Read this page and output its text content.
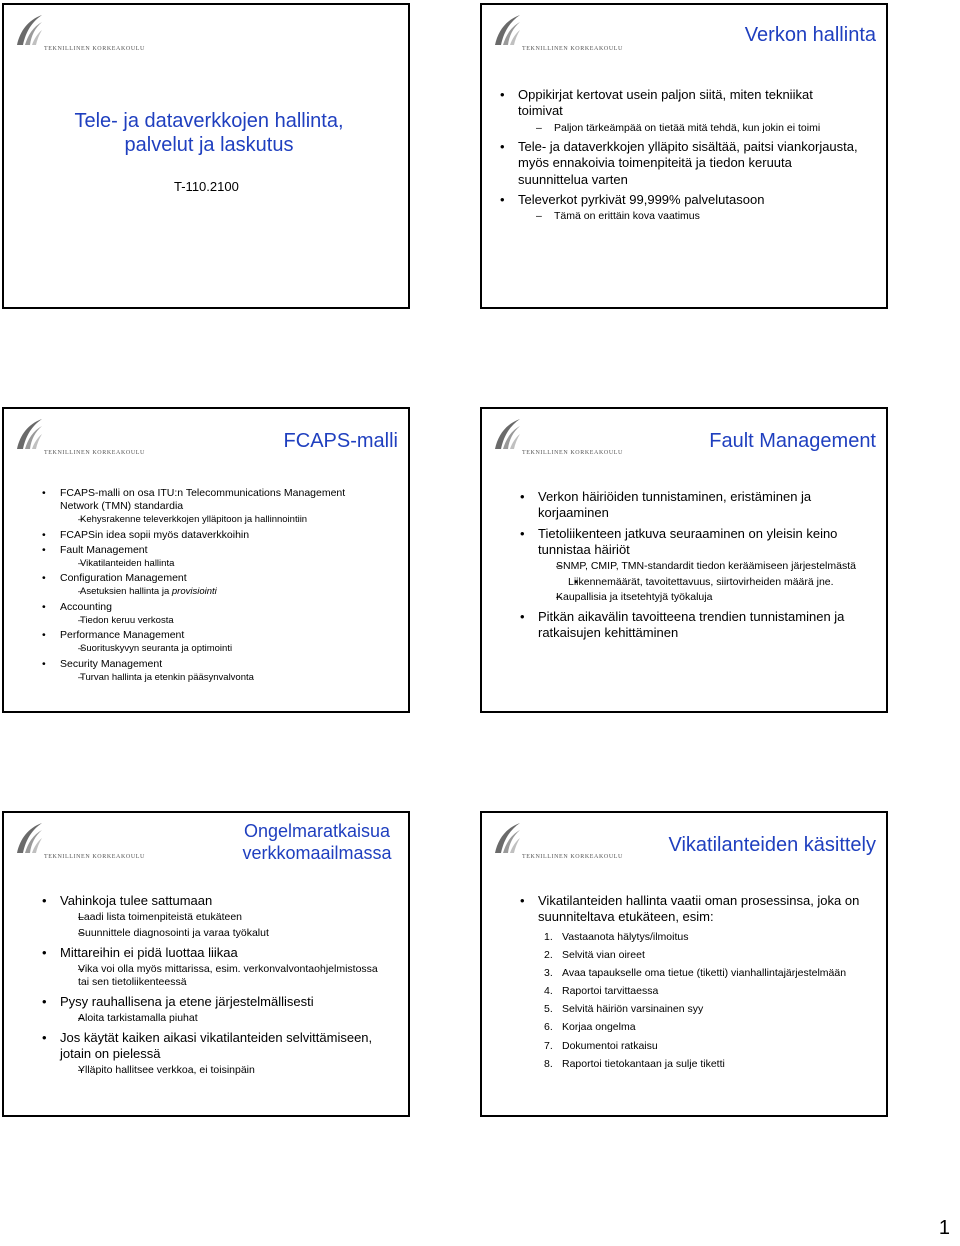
TEKNILLINEN KORKEAKOULU
Tele- ja dataverkkojen hallinta, palvelut ja laskutus
T-110.2100
TEKNILLINEN KORKEAKOULU
Verkon hallinta
• Oppikirjat kertovat usein paljon siitä, miten tekniikat toimivat
– Paljon tärkeämpää on tietää mitä tehdä, kun jokin ei toimi
• Tele- ja dataverkkojen ylläpito sisältää, paitsi viankorjausta, myös ennakoivia toimenpiteitä ja tiedon keruuta suunnittelua varten
• Televerkot pyrkivät 99,999% palvelutasoon
– Tämä on erittäin kova vaatimus
TEKNILLINEN KORKEAKOULU
FCAPS-malli
• FCAPS-malli on osa ITU:n Telecommunications Management Network (TMN) standardia
– Kehysrakenne televerkkojen ylläpitoon ja hallinnointiin
• FCAPSin idea sopii myös dataverkkoihin
• Fault Management
– Vikatilanteiden hallinta
• Configuration Management
– Asetuksien hallinta ja provisiointi
• Accounting
– Tiedon keruu verkosta
• Performance Management
– Suorituskyvyn seuranta ja optimointi
• Security Management
– Turvan hallinta ja etenkin pääsynvalvonta
TEKNILLINEN KORKEAKOULU
Fault Management
• Verkon häiriöiden tunnistaminen, eristäminen ja korjaaminen
• Tietoliikenteen jatkuva seuraaminen on yleisin keino tunnistaa häiriöt
– SNMP, CMIP, TMN-standardit tiedon keräämiseen järjestelmästä
• Liikennemäärät, tavoitettavuus, siirtovirheiden määrä jne.
– Kaupallisia ja itsetehtyjä työkaluja
• Pitkän aikavälin tavoitteena trendien tunnistaminen ja ratkaisujen kehittäminen
TEKNILLINEN KORKEAKOULU
Ongelmaratkaisua verkkomaailmassa
• Vahinkoja tulee sattumaan
– Laadi lista toimenpiteistä etukäteen
– Suunnittele diagnosointi ja varaa työkalut
• Mittareihin ei pidä luottaa liikaa
– Vika voi olla myös mittarissa, esim. verkonvalvontaohjelmistossa tai sen tietoliikenteessä
• Pysy rauhallisena ja etene järjestelmällisesti
– Aloita tarkistamalla piuhat
• Jos käytät kaiken aikasi vikatilanteiden selvittämiseen, jotain on pielessä
– Ylläpito hallitsee verkkoa, ei toisinpäin
TEKNILLINEN KORKEAKOULU
Vikatilanteiden käsittely
• Vikatilanteiden hallinta vaatii oman prosessinsa, joka on suunniteltava etukäteen, esim:
1. Vastaanota hälytys/ilmoitus
2. Selvitä vian oireet
3. Avaa tapaukselle oma tietue (tiketti) vianhallintajärjestelmään
4. Raportoi tarvittaessa
5. Selvitä häiriön varsinainen syy
6. Korjaa ongelma
7. Dokumentoi ratkaisu
8. Raportoi tietokantaan ja sulje tiketti
1
